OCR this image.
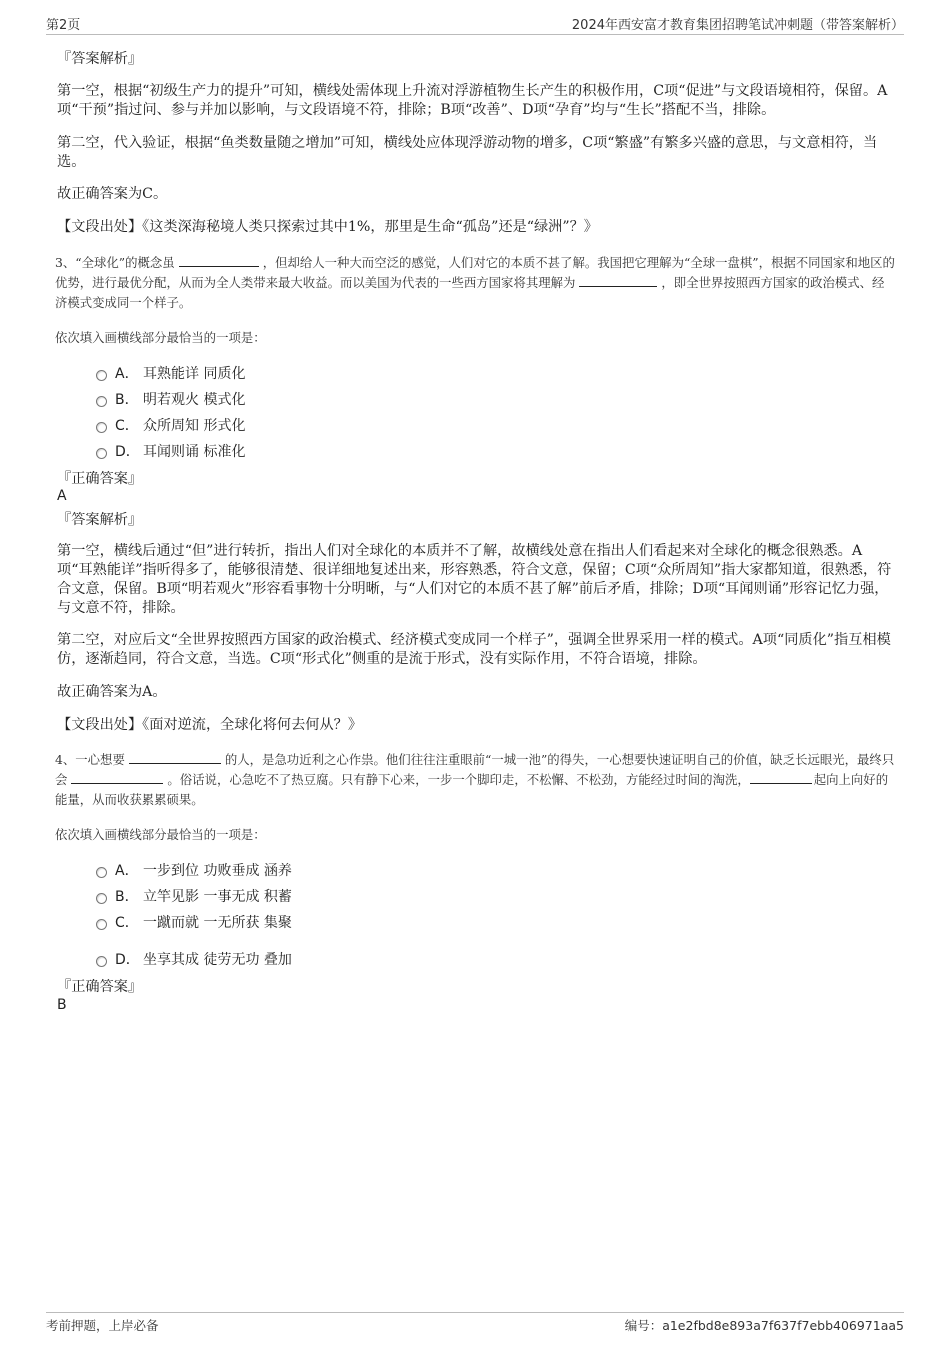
第2页	2024年西安富才教育集团招聘笔试冲刺题（带答案解析）
『答案解析』
第一空，根据“初级生产力的提升”可知，横线处需体现上升流对浮游植物生长产生的积极作用，C项“促进”与文段语境相符，保留。A项“干预”指过问、参与并加以影响，与文段语境不符，排除；B项“改善”、D项“孕育”均与“生长”搭配不当，排除。
第二空，代入验证，根据“鱼类数量随之增加”可知，横线处应体现浮游动物的增多，C项“繁盛”有繁多兴盛的意思，与文意相符，当选。
故正确答案为C。
【文段出处】《这类深海秘境人类只探索过其中1%，那里是生命“孤岛”还是“绿洲”？》
3、“全球化”的概念虽	，但却给人一种大而空泛的感觉，人们对它的本质不甚了解。我国把它理解为“全球一盘棋”，根据不同国家和地区的优势，进行最优分配，从而为全人类带来最大收益。而以美国为代表的一些西方国家将其理解为	，即全世界按照西方国家的政治模式、经济模式变成同一个样子。
依次填入画横线部分最恰当的一项是：
A． 耳熟能详 同质化
B． 明若观火 模式化
C． 众所周知 形式化
D． 耳闻则诵 标准化
『正确答案』
A
『答案解析』
第一空，横线后通过“但”进行转折，指出人们对全球化的本质并不了解，故横线处意在指出人们看起来对全球化的概念很熟悉。A项“耳熟能详”指听得多了，能够很清楚、很详细地复述出来，形容熟悉，符合文意，保留；C项“众所周知”指大家都知道，很熟悉，符合文意，保留。B项“明若观火”形容看事物十分明晰，与“人们对它的本质不甚了解”前后矛盾，排除；D项“耳闻则诵”形容记忆力强，与文意不符，排除。
第二空，对应后文“全世界按照西方国家的政治模式、经济模式变成同一个样子”，强调全世界采用一样的模式。A项“同质化”指互相模仿，逐渐趋同，符合文意，当选。C项“形式化”侧重的是流于形式，没有实际作用，不符合语境，排除。
故正确答案为A。
【文段出处】《面对逆流，全球化将何去何从？》
4、一心想要	的人，是急功近利之心作祟。他们往往注重眼前“一城一池”的得失，一心想要快速证明自己的价值，缺乏长远眼光，最终只会	。俗话说，心急吃不了热豆腐。只有静下心来，一步一个脚印走，不松懈、不松劲，方能经过时间的淘洗，	起向上向好的能量，从而收获累累硕果。
依次填入画横线部分最恰当的一项是：
A． 一步到位 功败垂成 涵养
B． 立竿见影 一事无成 积蓄
C． 一蹴而就 一无所获 集聚
D． 坐享其成 徒劳无功 叠加
『正确答案』
B
考前押题，上岸必备	编号：a1e2fbd8e893a7f637f7ebb406971aa5
